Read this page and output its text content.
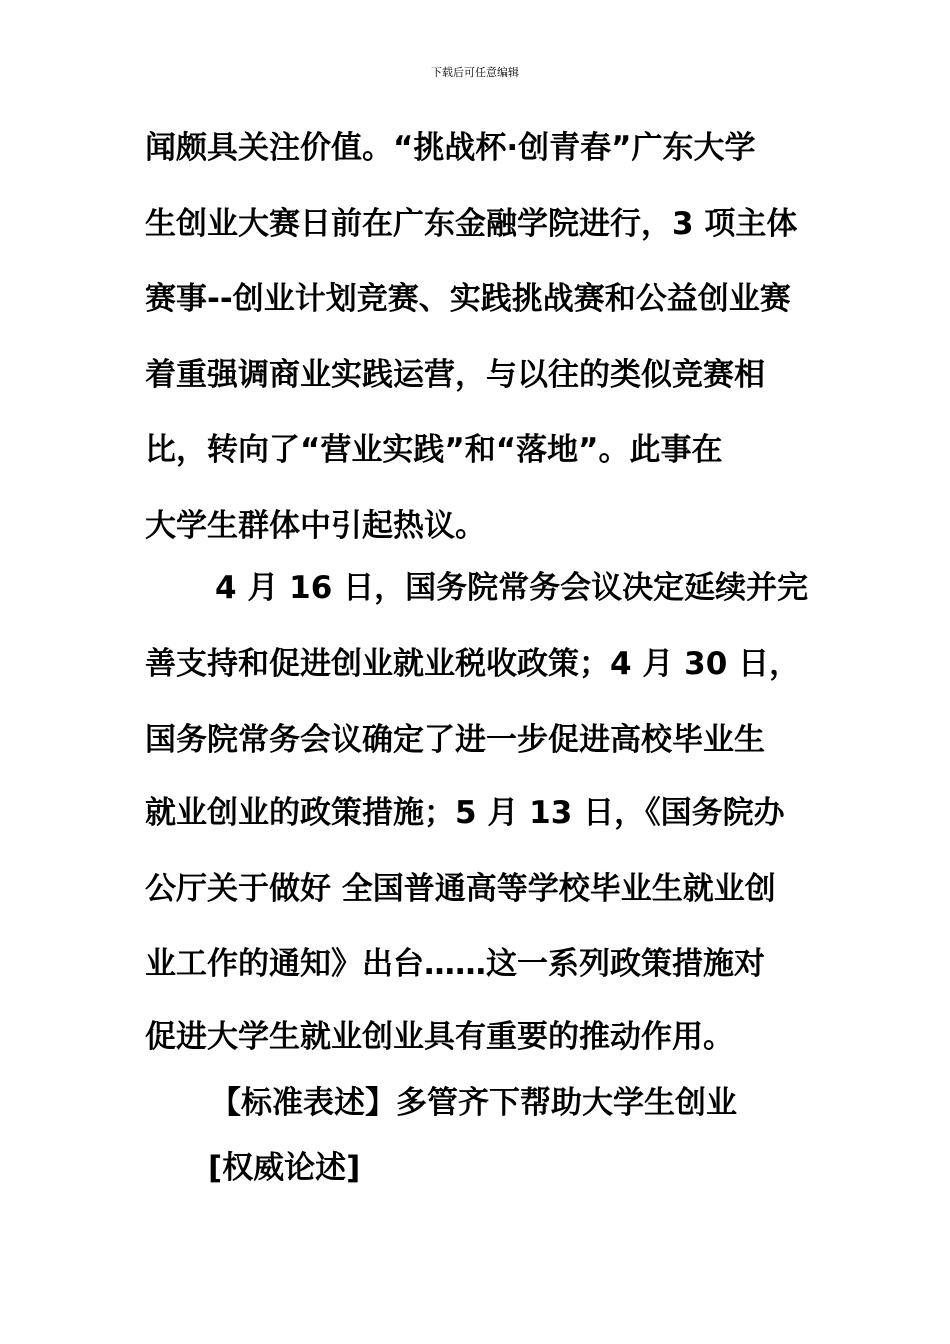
下载后可任意编辑
闻颇具关注价值。“挑战杯·创青春”广东大学
生创业大赛日前在广东金融学院进行，3 项主体
赛事--创业计划竞赛、实践挑战赛和公益创业赛
着重强调商业实践运营，与以往的类似竞赛相
比，转向了“营业实践”和“落地”。此事在
大学生群体中引起热议。
4 月 16 日，国务院常务会议决定延续并完
善支持和促进创业就业税收政策；4 月 30 日，
国务院常务会议确定了进一步促进高校毕业生
就业创业的政策措施；5 月 13 日，《国务院办
公厅关于做好 全国普通高等学校毕业生就业创
业工作的通知》出台……这一系列政策措施对
促进大学生就业创业具有重要的推动作用。
【标准表述】多管齐下帮助大学生创业
[权威论述]
